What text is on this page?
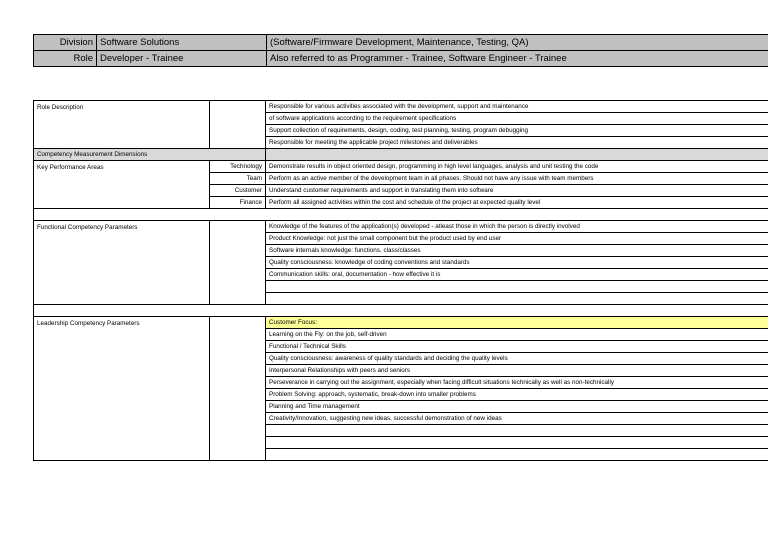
Division	Software Solutions	(Software/Firmware Development, Maintenance, Testing, QA)
Role	Developer - Trainee	Also referred to as Programmer - Trainee, Software Engineer - Trainee
Role Description		Responsible for various activities associated with the development, support and maintenance
		of software applications according to the requirement specifications
		Support collection of requirements, design, coding, test planning, testing, program debugging
		Responsible for meeting the applicable project milestones and deliverables
Competency Measurement Dimensions		
Key Performance Areas	Technology	Demonstrate results in object oriented design, programming in high level languages, analysis and unit testing the code
	Team	Perform as an active member of the development team in all phases. Should not have any issue with team members
	Customer	Understand customer requirements and support in translating them into software
	Finance	Perform all assigned activities within the cost and schedule of the project at expected quality level

Functional Competency Parameters		Knowledge of the features of the application(s) developed - atleast those in which the person is directly involved
		Product Knowledge: not just the small component but the product used by end user
		Software internals knowledge: functions, class/classes
		Quality consciousness: knowledge of coding conventions and standards
		Communication skills: oral, documentation - how effective it is

Leadership Competency Parameters		Customer Focus:
		Learning on the Fly: on the job, self-driven
		Functional / Technical Skills
		Quality consciousness: awareness of quality standards and deciding the quality levels
		Interpersonal Relationships with peers and seniors
		Perseverance in carrying out the assignment, especially when facing difficult situations technically as well as non-technically
		Problem Solving: approach, systematic, break-down into smaller problems
		Planning and Time management
		Creativity/Innovation, suggesting new ideas, successful demonstration of new ideas
